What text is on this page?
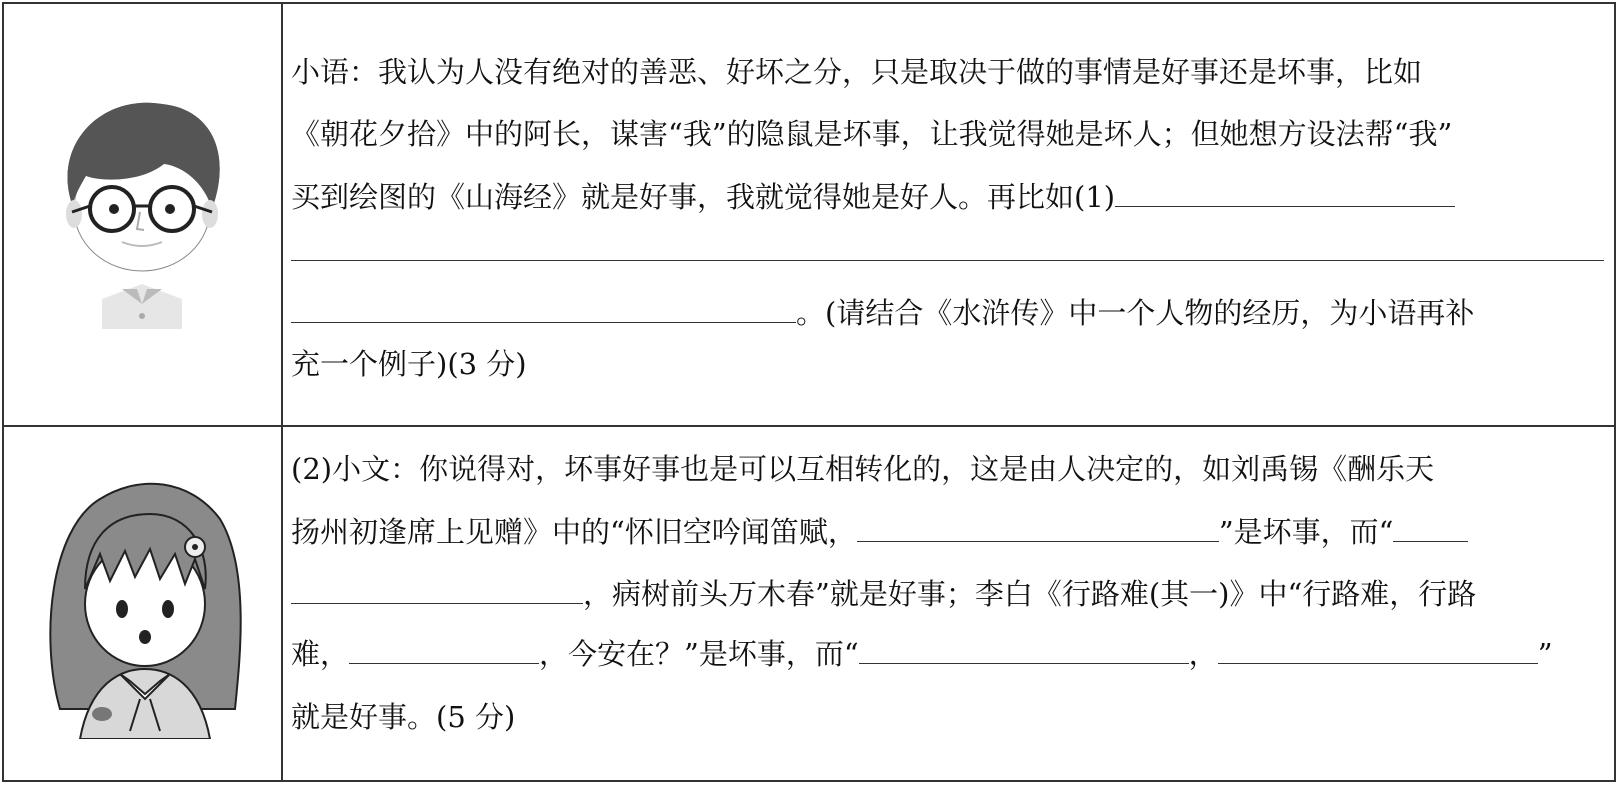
小语：我认为人没有绝对的善恶、好坏之分，只是取决于做的事情是好事还是坏事，比如
《朝花夕拾》中的阿长，谋害“我”的隐鼠是坏事，让我觉得她是坏人；但她想方设法帮“我”
买到绘图的《山海经》就是好事，我就觉得她是好人。再比如(1)
。(请结合《水浒传》中一个人物的经历，为小语再补
充一个例子)(3 分)
(2)小文：你说得对，坏事好事也是可以互相转化的，这是由人决定的，如刘禹锡《酬乐天
扬州初逢席上见赠》中的“怀旧空吟闻笛赋，	”是坏事，而“
，病树前头万木春”就是好事；李白《行路难(其一)》中“行路难，行路
难，	，今安在？”是坏事，而“	，	”
就是好事。(5 分)
